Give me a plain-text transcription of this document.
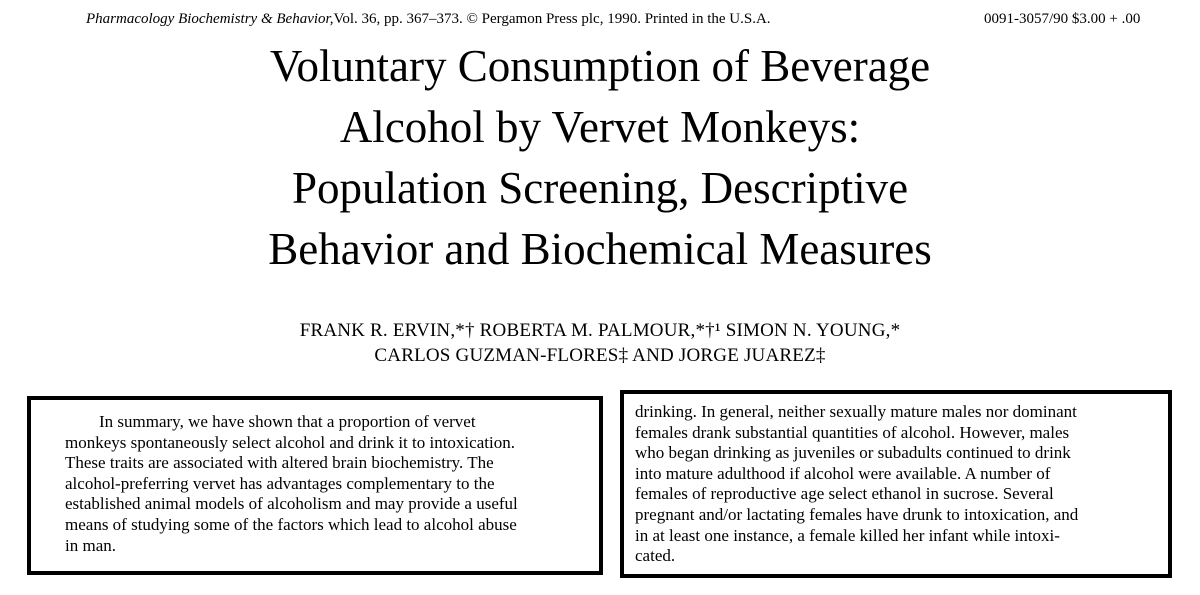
Pharmacology Biochemistry & Behavior,Vol. 36, pp. 367–373. © Pergamon Press plc, 1990. Printed in the U.S.A.	0091-3057/90 $3.00 + .00
Voluntary Consumption of Beverage
Alcohol by Vervet Monkeys:
Population Screening, Descriptive
Behavior and Biochemical Measures
FRANK R. ERVIN,*† ROBERTA M. PALMOUR,*†¹ SIMON N. YOUNG,*
CARLOS GUZMAN-FLORES‡ AND JORGE JUAREZ‡
In summary, we have shown that a proportion of vervet
monkeys spontaneously select alcohol and drink it to intoxication.
These traits are associated with altered brain biochemistry. The
alcohol-preferring vervet has advantages complementary to the
established animal models of alcoholism and may provide a useful
means of studying some of the factors which lead to alcohol abuse
in man.
drinking. In general, neither sexually mature males nor dominant
females drank substantial quantities of alcohol. However, males
who began drinking as juveniles or subadults continued to drink
into mature adulthood if alcohol were available. A number of
females of reproductive age select ethanol in sucrose. Several
pregnant and/or lactating females have drunk to intoxication, and
in at least one instance, a female killed her infant while intoxi-
cated.
